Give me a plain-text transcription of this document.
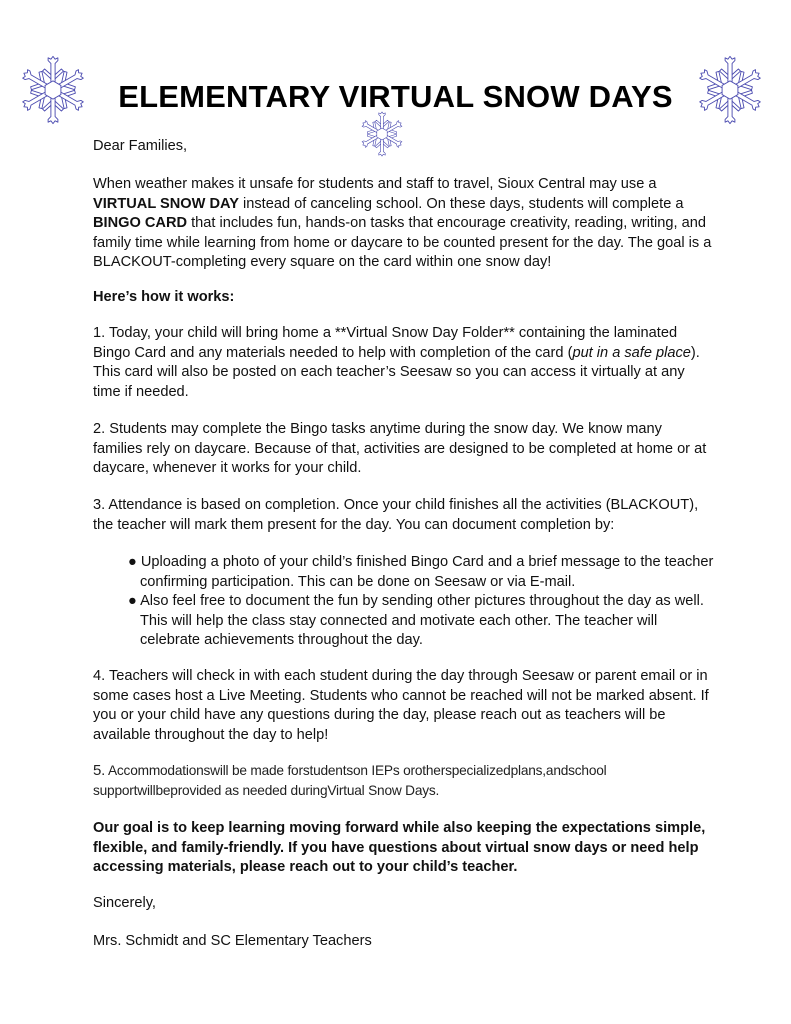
ELEMENTARY VIRTUAL SNOW DAYS
Dear Families,
When weather makes it unsafe for students and staff to travel, Sioux Central may use a VIRTUAL SNOW DAY instead of canceling school. On these days, students will complete a BINGO CARD that includes fun, hands-on tasks that encourage creativity, reading, writing, and family time while learning from home or daycare to be counted present for the day. The goal is a BLACKOUT-completing every square on the card within one snow day!
Here’s how it works:
1. Today, your child will bring home a **Virtual Snow Day Folder** containing the laminated Bingo Card and any materials needed to help with completion of the card (put in a safe place). This card will also be posted on each teacher’s Seesaw so you can access it virtually at any time if needed.
2. Students may complete the Bingo tasks anytime during the snow day. We know many families rely on daycare. Because of that, activities are designed to be completed at home or at daycare, whenever it works for your child.
3. Attendance is based on completion. Once your child finishes all the activities (BLACKOUT), the teacher will mark them present for the day. You can document completion by:

● Uploading a photo of your child’s finished Bingo Card and a brief message to the teacher confirming participation. This can be done on Seesaw or via E-mail.

● Also feel free to document the fun by sending other pictures throughout the day as well. This will help the class stay connected and motivate each other. The teacher will celebrate achievements throughout the day.

4. Teachers will check in with each student during the day through Seesaw or parent email or in some cases host a Live Meeting. Students who cannot be reached will not be marked absent. If you or your child have any questions during the day, please reach out as teachers will be available throughout the day to help!
5. Accommodationswill be made forstudentson IEPs orotherspecializedplans,andschool supportwillbeprovided as needed duringVirtual Snow Days.
Our goal is to keep learning moving forward while also keeping the expectations simple, flexible, and family-friendly. If you have questions about virtual snow days or need help accessing materials, please reach out to your child’s teacher.
Sincerely,
Mrs. Schmidt and SC Elementary Teachers
